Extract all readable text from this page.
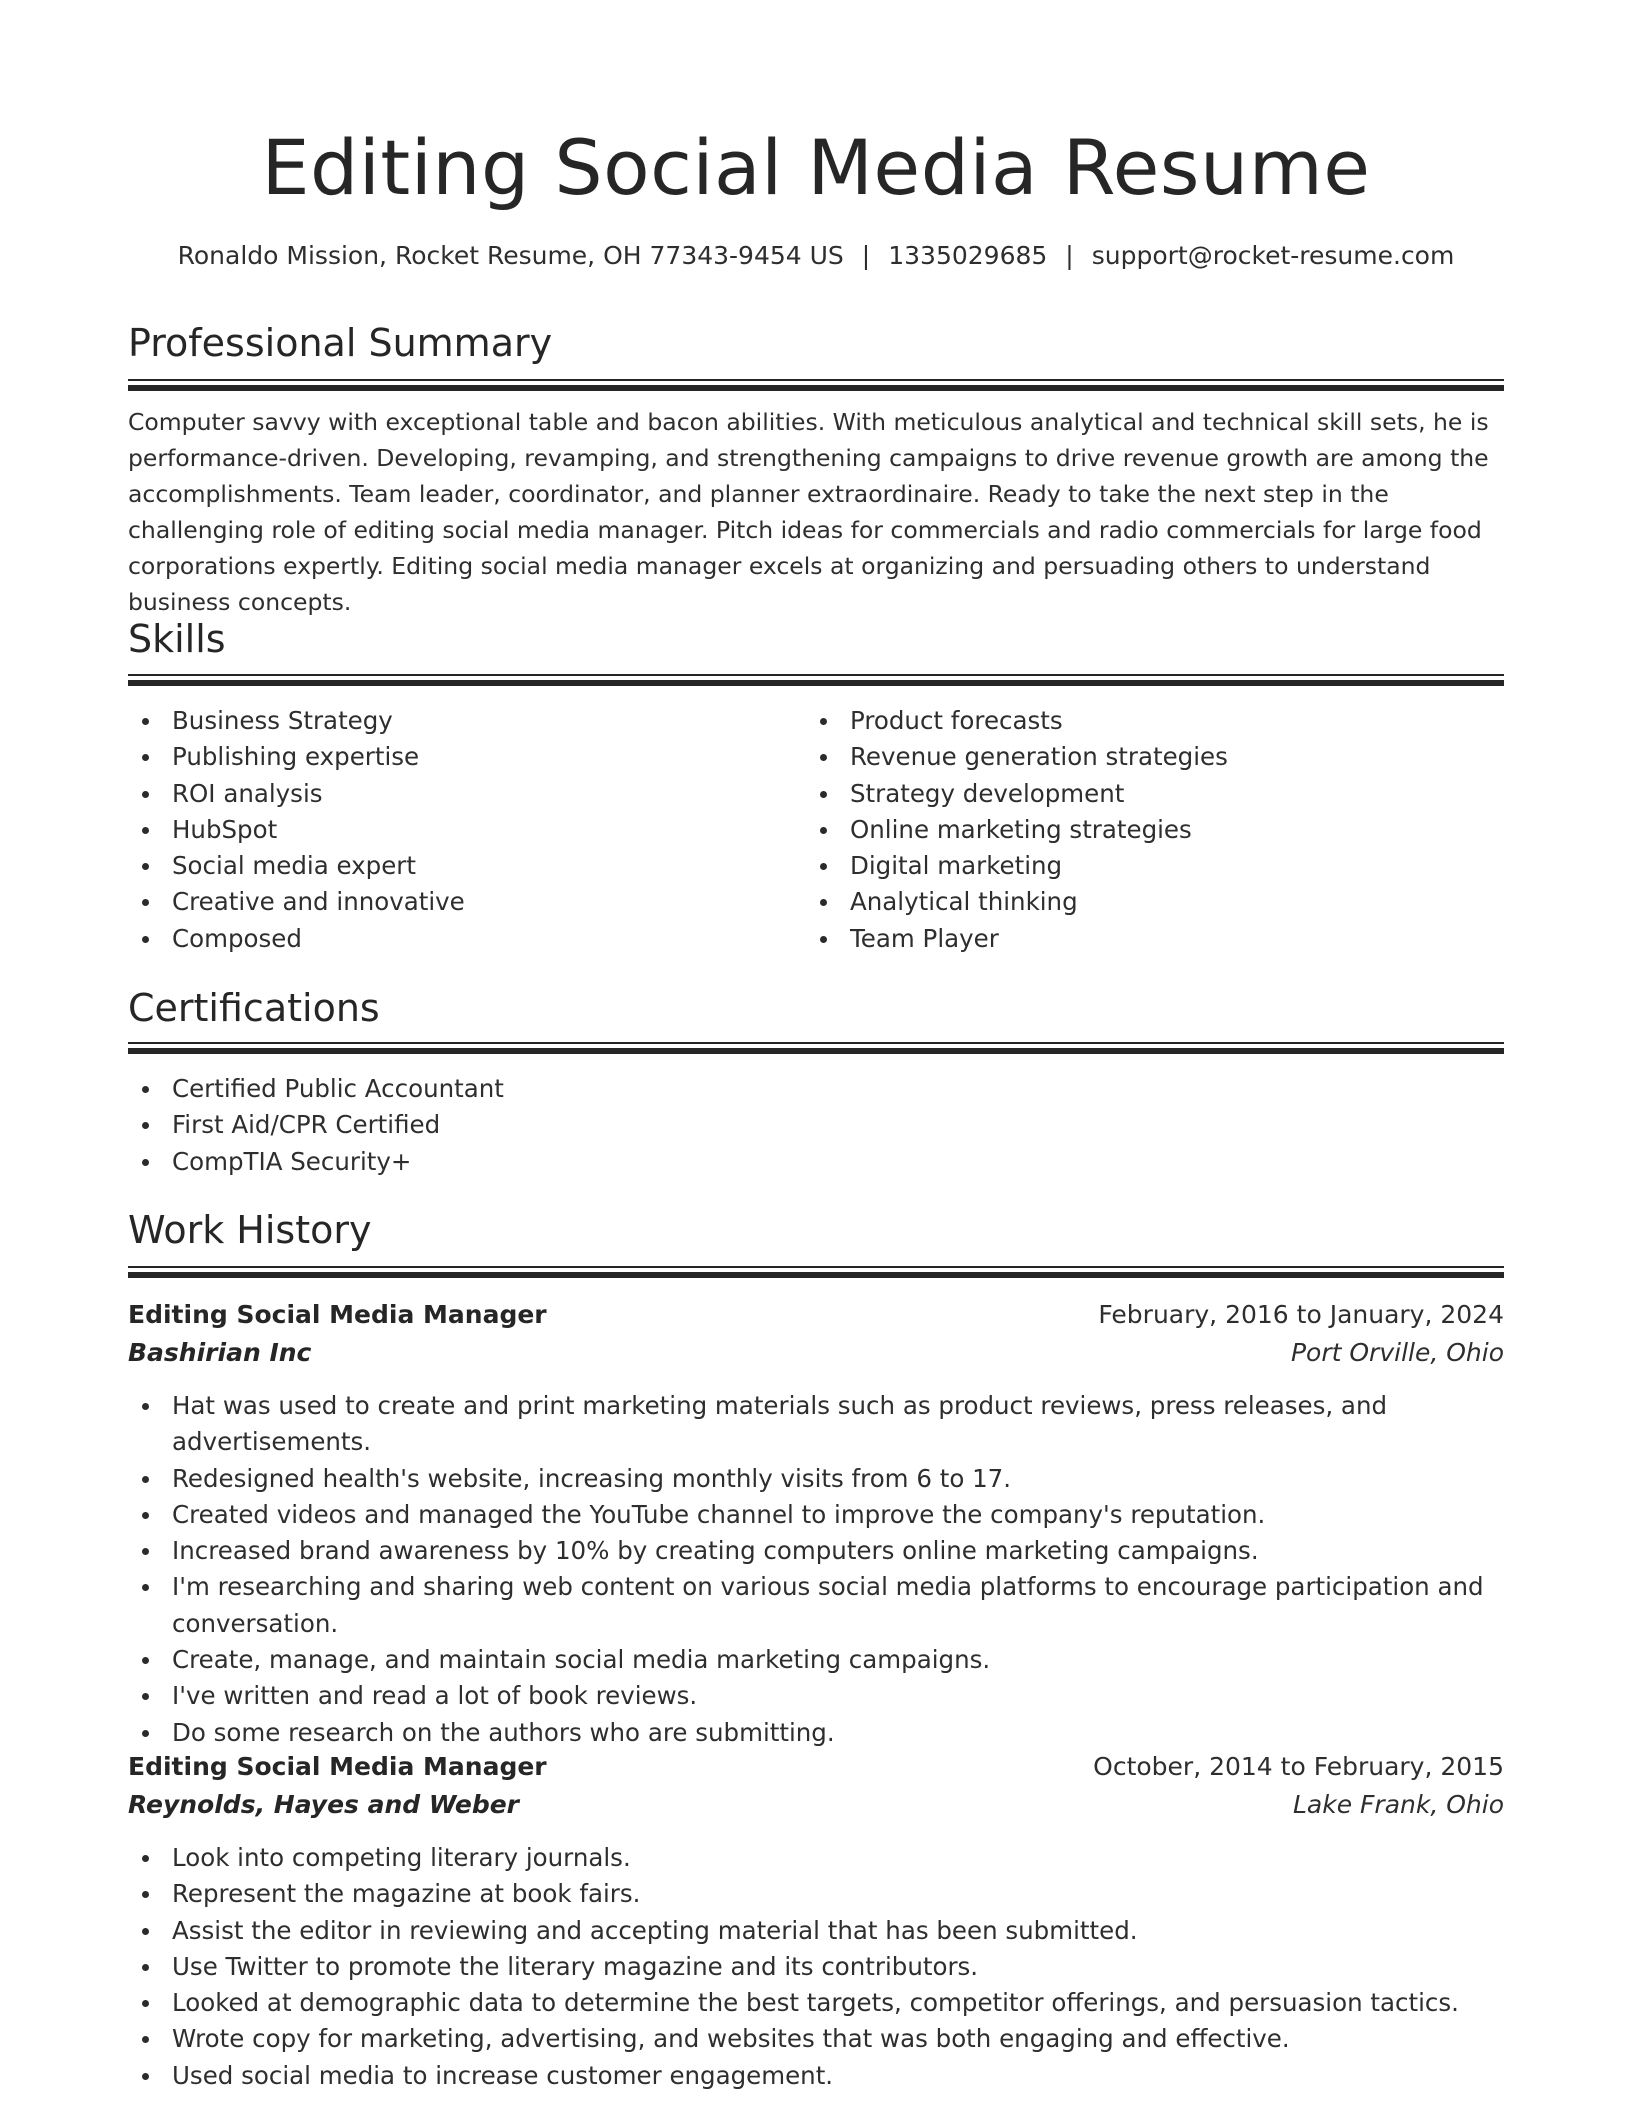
Editing Social Media Resume
Ronaldo Mission, Rocket Resume, OH 77343-9454 US | 1335029685 | support@rocket-resume.com
Professional Summary
Computer savvy with exceptional table and bacon abilities. With meticulous analytical and technical skill sets, he is performance-driven. Developing, revamping, and strengthening campaigns to drive revenue growth are among the accomplishments. Team leader, coordinator, and planner extraordinaire. Ready to take the next step in the challenging role of editing social media manager. Pitch ideas for commercials and radio commercials for large food corporations expertly. Editing social media manager excels at organizing and persuading others to understand business concepts.
Skills
Business Strategy
Publishing expertise
ROI analysis
HubSpot
Social media expert
Creative and innovative
Composed
Product forecasts
Revenue generation strategies
Strategy development
Online marketing strategies
Digital marketing
Analytical thinking
Team Player
Certifications
Certified Public Accountant
First Aid/CPR Certified
CompTIA Security+
Work History
Editing Social Media Manager	February, 2016 to January, 2024
Bashirian Inc	Port Orville, Ohio
Hat was used to create and print marketing materials such as product reviews, press releases, and advertisements.
Redesigned health's website, increasing monthly visits from 6 to 17.
Created videos and managed the YouTube channel to improve the company's reputation.
Increased brand awareness by 10% by creating computers online marketing campaigns.
I'm researching and sharing web content on various social media platforms to encourage participation and conversation.
Create, manage, and maintain social media marketing campaigns.
I've written and read a lot of book reviews.
Do some research on the authors who are submitting.
Editing Social Media Manager	October, 2014 to February, 2015
Reynolds, Hayes and Weber	Lake Frank, Ohio
Look into competing literary journals.
Represent the magazine at book fairs.
Assist the editor in reviewing and accepting material that has been submitted.
Use Twitter to promote the literary magazine and its contributors.
Looked at demographic data to determine the best targets, competitor offerings, and persuasion tactics.
Wrote copy for marketing, advertising, and websites that was both engaging and effective.
Used social media to increase customer engagement.
